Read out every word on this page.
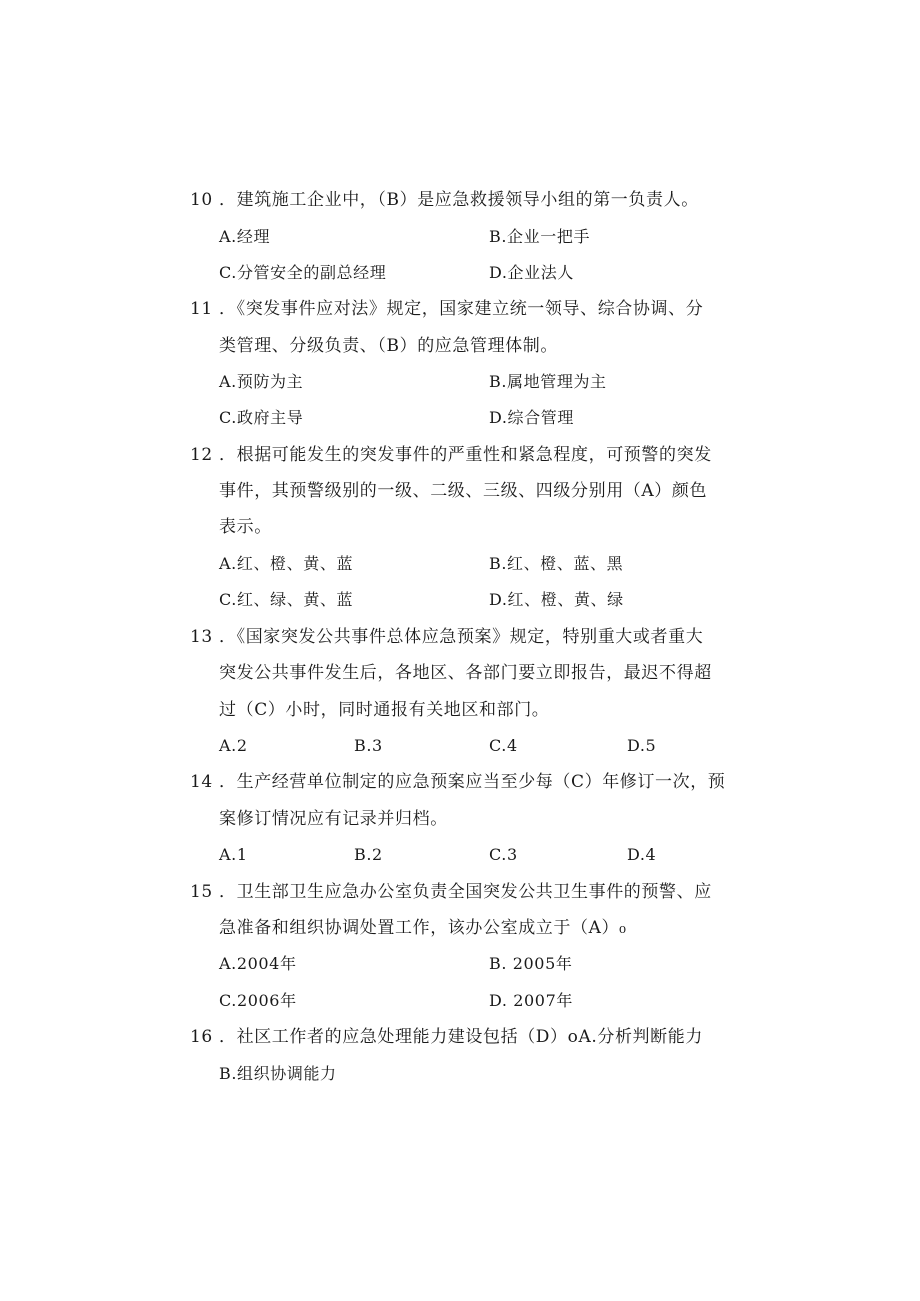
10 ．建筑施工企业中，（B）是应急救援领导小组的第一负责人。
A.经理	B.企业一把手
C.分管安全的副总经理	D.企业法人
11 ．《突发事件应对法》规定，国家建立统一领导、综合协调、分
类管理、分级负责、（B）的应急管理体制。
A.预防为主	B.属地管理为主
C.政府主导	D.综合管理
12 ．根据可能发生的突发事件的严重性和紧急程度，可预警的突发
事件，其预警级别的一级、二级、三级、四级分别用（A）颜色
表示。
A.红、橙、黄、蓝	B.红、橙、蓝、黑
C.红、绿、黄、蓝	D.红、橙、黄、绿
13 ．《国家突发公共事件总体应急预案》规定，特别重大或者重大
突发公共事件发生后，各地区、各部门要立即报告，最迟不得超
过（C）小时，同时通报有关地区和部门。
A.2	B.3	C.4	D.5
14 ．生产经营单位制定的应急预案应当至少每（C）年修订一次，预
案修订情况应有记录并归档。
A.1	B.2	C.3	D.4
15 ．卫生部卫生应急办公室负责全国突发公共卫生事件的预警、应
急准备和组织协调处置工作，该办公室成立于（A）₀
A.2004年	B. 2005年
C.2006年	D. 2007年
16 ．社区工作者的应急处理能力建设包括（D）oA.分析判断能力
B.组织协调能力
